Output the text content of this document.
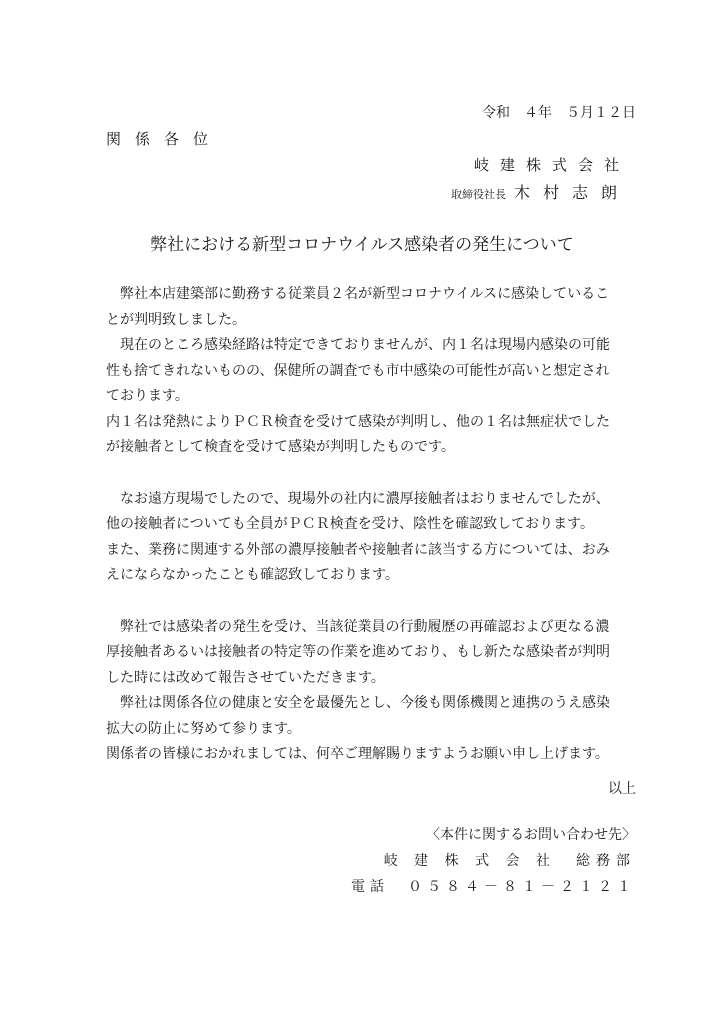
令和　４年　５月１２日
関係各位
岐建株式会社
取締役社長 木村志朗
弊社における新型コロナウイルス感染者の発生について

　弊社本店建築部に勤務する従業員２名が新型コロナウイルスに感染しているこ

とが判明致しました。

　現在のところ感染経路は特定できておりませんが、内１名は現場内感染の可能

性も捨てきれないものの、保健所の調査でも市中感染の可能性が高いと想定され

ております。

内１名は発熱によりＰＣＲ検査を受けて感染が判明し、他の１名は無症状でした

が接触者として検査を受けて感染が判明したものです。

　なお遠方現場でしたので、現場外の社内に濃厚接触者はおりませんでしたが、

他の接触者についても全員がＰＣＲ検査を受け、陰性を確認致しております。

また、業務に関連する外部の濃厚接触者や接触者に該当する方については、おみ

えにならなかったことも確認致しております。

　弊社では感染者の発生を受け、当該従業員の行動履歴の再確認および更なる濃

厚接触者あるいは接触者の特定等の作業を進めており、もし新たな感染者が判明

した時には改めて報告させていただきます。

　弊社は関係各位の健康と安全を最優先とし、今後も関係機関と連携のうえ感染

拡大の防止に努めて参ります。

関係者の皆様におかれましては、何卒ご理解賜りますようお願い申し上げます。

以上
〈本件に関するお問い合わせ先〉
岐 建 株 式 会 社　総務部
電話　０５８４－８１－２１２１
